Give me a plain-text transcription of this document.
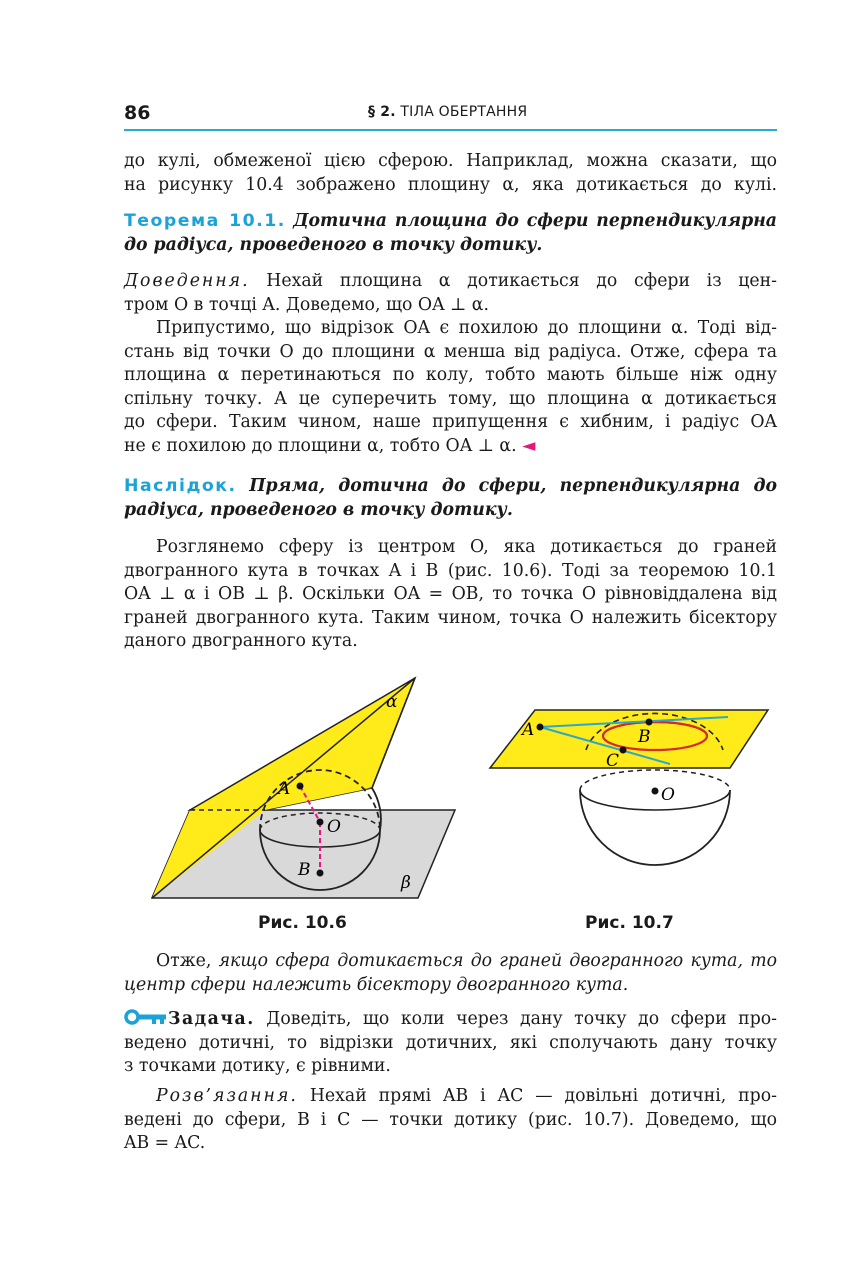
86	§ 2. ТІЛА ОБЕРТАННЯ
до кулі, обмеженої цією сферою. Наприклад, можна сказати, що
на рисунку 10.4 зображено площину α, яка дотикається до кулі.
Теорема 10.1. Дотична площина до сфери перпендикулярна
до радіуса, проведеного в точку дотику.
Доведення. Нехай площина α дотикається до сфери із цен-
тром O в точці A. Доведемо, що OA ⊥ α.
Припустимо, що відрізок OA є похилою до площини α. Тоді від-
стань від точки O до площини α менша від радіуса. Отже, сфера та
площина α перетинаються по колу, тобто мають більше ніж одну
спільну точку. А це суперечить тому, що площина α дотикається
до сфери. Таким чином, наше припущення є хибним, і радіус OA
не є похилою до площини α, тобто OA ⊥ α. ◄
Наслідок. Пряма, дотична до сфери, перпендикулярна до
радіуса, проведеного в точку дотику.
Розглянемо сферу із центром O, яка дотикається до граней
двогранного кута в точках A і B (рис. 10.6). Тоді за теоремою 10.1
OA ⊥ α і OB ⊥ β. Оскільки OA = OB, то точка O рівновіддалена від
граней двогранного кута. Таким чином, точка O належить бісектору
даного двогранного кута.
α
β
A
O
B
Рис. 10.6
A	B
C
O
Рис. 10.7
Отже, якщо сфера дотикається до граней двогранного кута, то
центр сфери належить бісектору двогранного кута.
Задача. Доведіть, що коли через дану точку до сфери про-
ведено дотичні, то відрізки дотичних, які сполучають дану точку
з точками дотику, є рівними.
Розв’язання. Нехай прямі AB і AC — довільні дотичні, про-
ведені до сфери, B і C — точки дотику (рис. 10.7). Доведемо, що
AB = AC.
